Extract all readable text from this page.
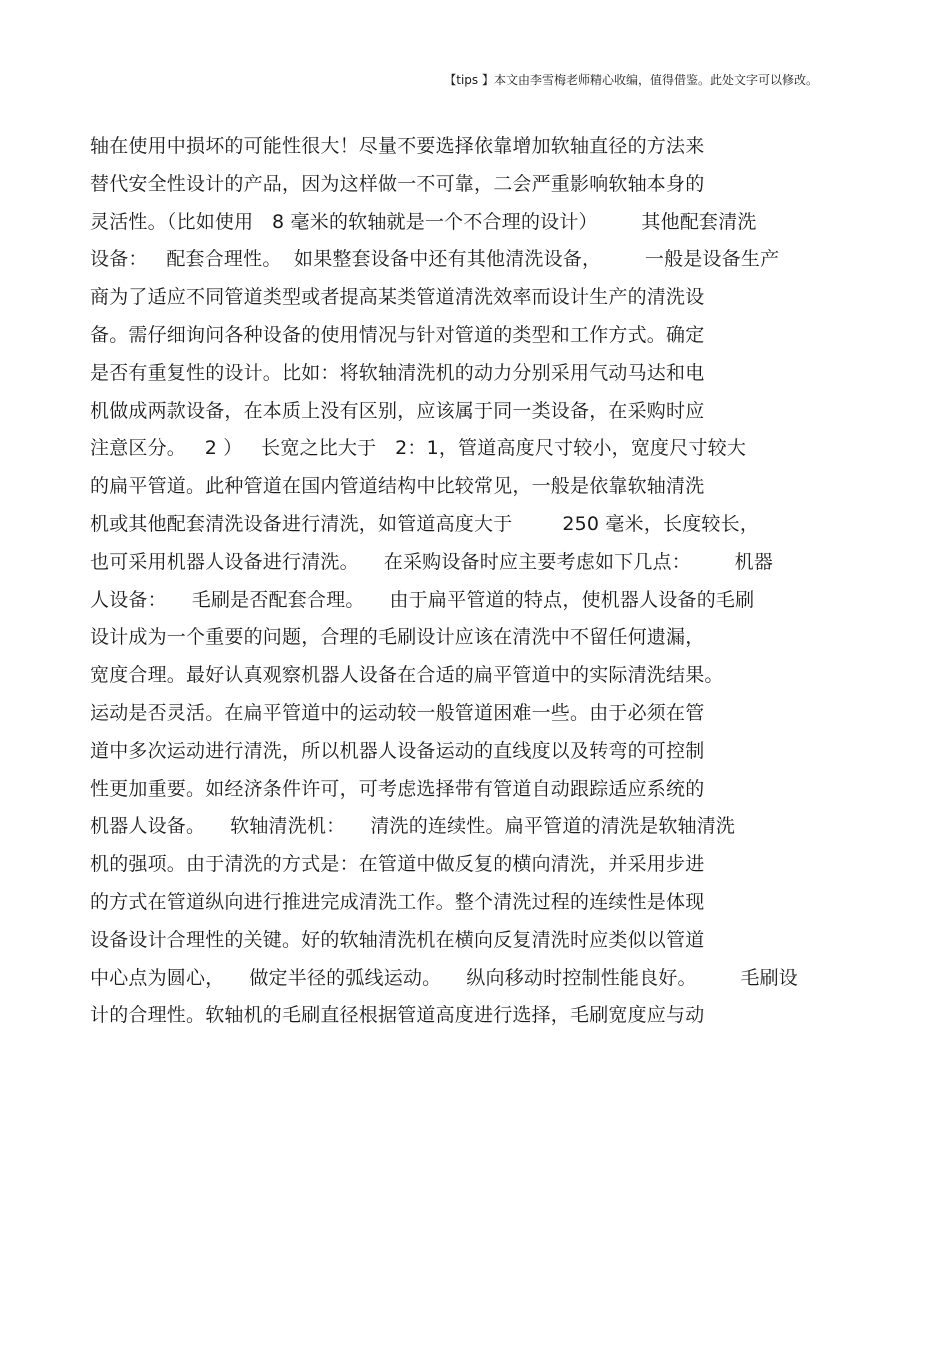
【tips 】本文由李雪梅老师精心收编，值得借鉴。此处文字可以修改。
轴在使用中损坏的可能性很大！尽量不要选择依靠增加软轴直径的方法来
替代安全性设计的产品，因为这样做一不可靠，二会严重影响软轴本身的
灵活性。（比如使用   8 毫米的软轴就是一个不合理的设计）       其他配套清洗
设备：   配套合理性。  如果整套设备中还有其他清洗设备，       一般是设备生产
商为了适应不同管道类型或者提高某类管道清洗效率而设计生产的清洗设
备。需仔细询问各种设备的使用情况与针对管道的类型和工作方式。确定
是否有重复性的设计。比如：将软轴清洗机的动力分别采用气动马达和电
机做成两款设备，在本质上没有区别，应该属于同一类设备，在采购时应
注意区分。   2 ）   长宽之比大于   2：1，管道高度尺寸较小，宽度尺寸较大
的扁平管道。此种管道在国内管道结构中比较常见，一般是依靠软轴清洗
机或其他配套清洗设备进行清洗，如管道高度大于        250 毫米，长度较长，
也可采用机器人设备进行清洗。    在采购设备时应主要考虑如下几点：       机器
人设备：    毛刷是否配套合理。    由于扁平管道的特点，使机器人设备的毛刷
设计成为一个重要的问题，合理的毛刷设计应该在清洗中不留任何遗漏，
宽度合理。最好认真观察机器人设备在合适的扁平管道中的实际清洗结果。
运动是否灵活。在扁平管道中的运动较一般管道困难一些。由于必须在管
道中多次运动进行清洗，所以机器人设备运动的直线度以及转弯的可控制
性更加重要。如经济条件许可，可考虑选择带有管道自动跟踪适应系统的
机器人设备。    软轴清洗机：    清洗的连续性。扁平管道的清洗是软轴清洗
机的强项。由于清洗的方式是：在管道中做反复的横向清洗，并采用步进
的方式在管道纵向进行推进完成清洗工作。整个清洗过程的连续性是体现
设备设计合理性的关键。好的软轴清洗机在横向反复清洗时应类似以管道
中心点为圆心，    做定半径的弧线运动。    纵向移动时控制性能良好。       毛刷设
计的合理性。软轴机的毛刷直径根据管道高度进行选择，毛刷宽度应与动
